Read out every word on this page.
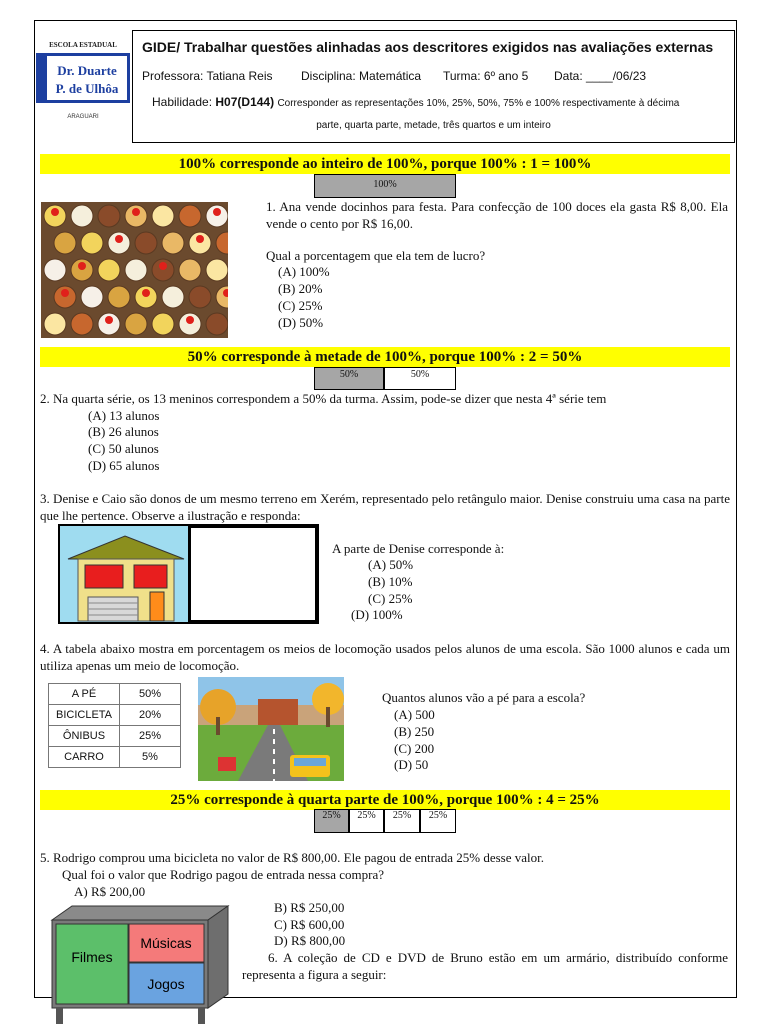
ESCOLA ESTADUAL
Dr. Duarte
P. de Ulhôa
ARAGUARI
GIDE/ Trabalhar questões alinhadas aos descritores exigidos nas avaliações externas
Professora: Tatiana Reis Disciplina: Matemática Turma: 6º ano 5 Data: ____/06/23
Habilidade: H07(D144) Corresponder as representações 10%, 25%, 50%, 75% e 100% respectivamente à décima
parte, quarta parte, metade, três quartos e um inteiro
100% corresponde ao inteiro de 100%, porque 100% : 1 = 100%
100%
1. Ana vende docinhos para festa. Para confecção de 100 doces ela gasta R$ 8,00. Ela vende o cento por R$ 16,00.
Qual a porcentagem que ela tem de lucro?
(A) 100%
(B) 20%
(C) 25%
(D) 50%
50% corresponde à metade de 100%, porque 100% : 2 = 50%
50%	50%
2. Na quarta série, os 13 meninos correspondem a 50% da turma. Assim, pode-se dizer que nesta 4ª série tem
(A) 13 alunos
(B) 26 alunos
(C) 50 alunos
(D) 65 alunos
3. Denise e Caio são donos de um mesmo terreno em Xerém, representado pelo retângulo maior. Denise construiu uma casa na parte que lhe pertence. Observe a ilustração e responda:
A parte de Denise corresponde à:
(A) 50%
(B) 10%
(C) 25%
(D) 100%
4. A tabela abaixo mostra em porcentagem os meios de locomoção usados pelos alunos de uma escola. São 1000 alunos e cada um utiliza apenas um meio de locomoção.
A PÉ	50%
BICICLETA	20%
ÔNIBUS	25%
CARRO	5%
Quantos alunos vão a pé para a escola?
(A) 500
(B) 250
(C) 200
(D) 50
25% corresponde à quarta parte de 100%, porque 100% : 4 = 25%
25%	25%	25%	25%
5. Rodrigo comprou uma bicicleta no valor de R$ 800,00. Ele pagou de entrada 25% desse valor.
Qual foi o valor que Rodrigo pagou de entrada nessa compra?
A) R$ 200,00
Filmes
Músicas
Jogos
B) R$ 250,00
C) R$ 600,00
D) R$ 800,00
6. A coleção de CD e DVD de Bruno estão em um armário, distribuído conforme representa a figura a seguir:
